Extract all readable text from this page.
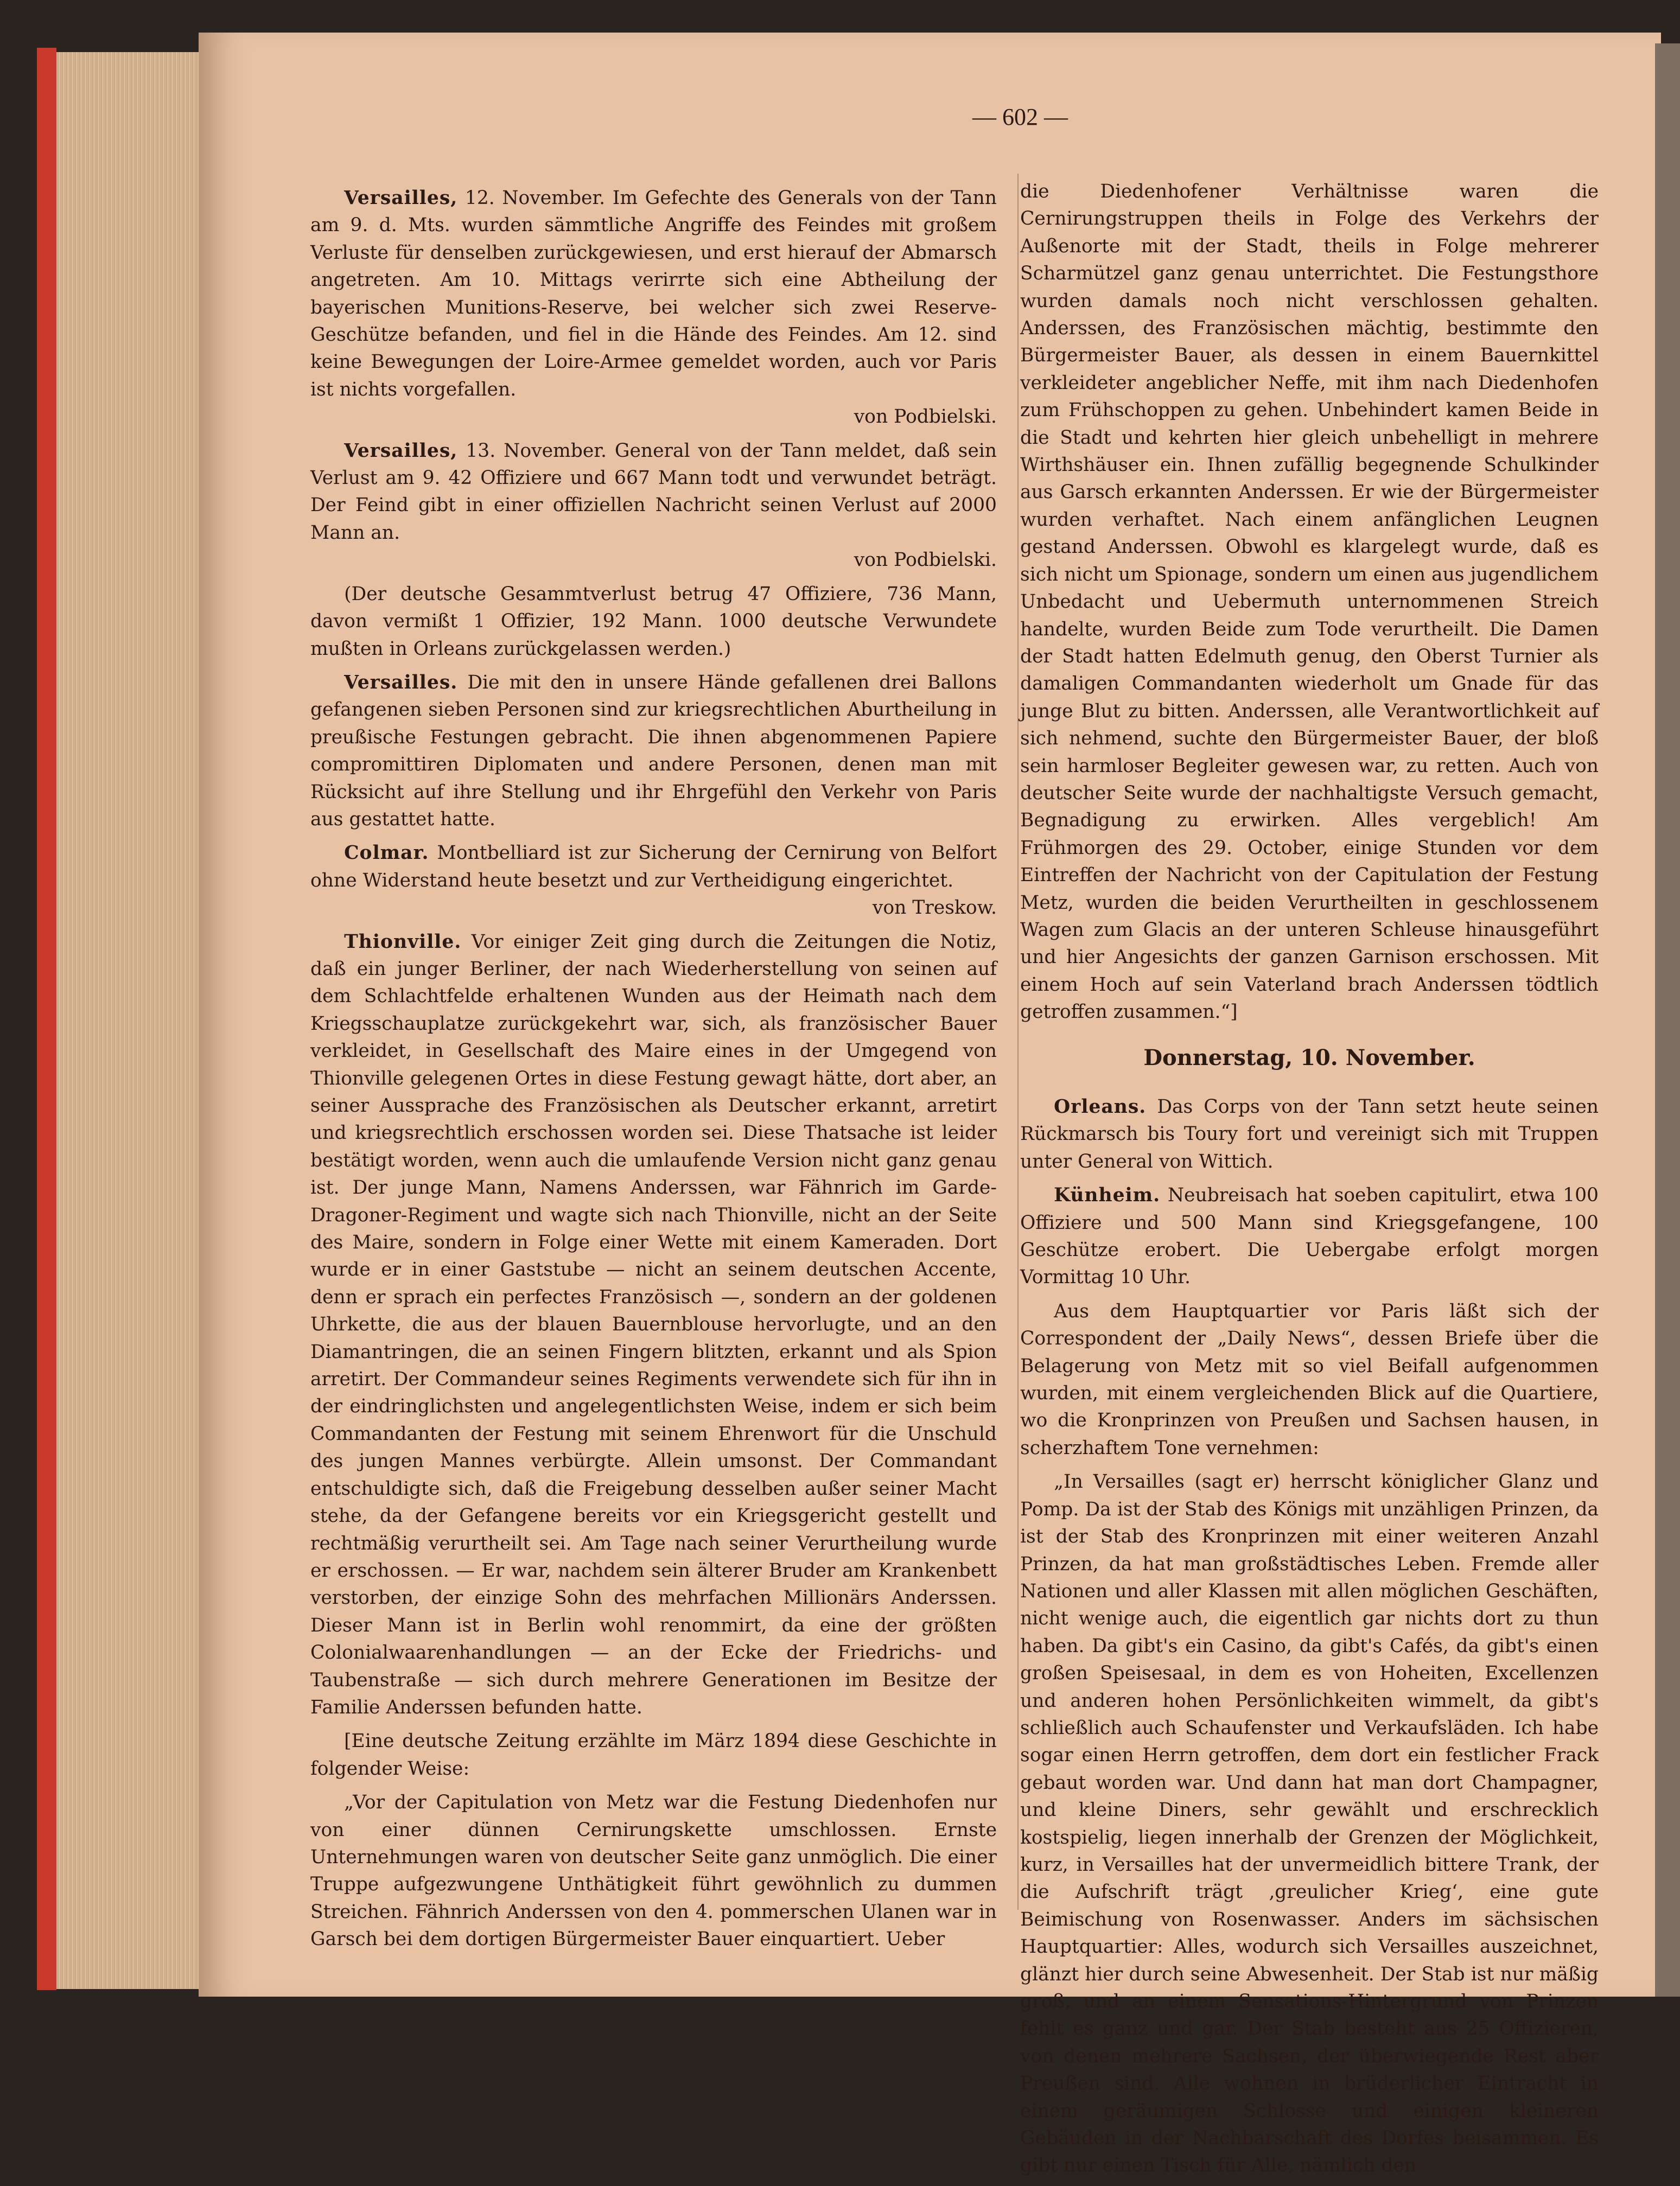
— 602 —

Versailles, 12. November. Im Gefechte des Generals von der Tann am 9. d. Mts. wurden sämmtliche Angriffe des Feindes mit großem Verluste für denselben zurückgewiesen, und erst hierauf der Abmarsch angetreten. Am 10. Mittags verirrte sich eine Abtheilung der bayerischen Munitions-Reserve, bei welcher sich zwei Reserve-Geschütze befanden, und fiel in die Hände des Feindes. Am 12. sind keine Bewegungen der Loire-Armee gemeldet worden, auch vor Paris ist nichts vorgefallen.
von Podbielski.

Versailles, 13. November. General von der Tann meldet, daß sein Verlust am 9. 42 Offiziere und 667 Mann todt und verwundet beträgt. Der Feind gibt in einer offiziellen Nachricht seinen Verlust auf 2000 Mann an.
von Podbielski.

(Der deutsche Gesammtverlust betrug 47 Offiziere, 736 Mann, davon vermißt 1 Offizier, 192 Mann. 1000 deutsche Verwundete mußten in Orleans zurückgelassen werden.)

Versailles. Die mit den in unsere Hände gefallenen drei Ballons gefangenen sieben Personen sind zur kriegsrechtlichen Aburtheilung in preußische Festungen gebracht. Die ihnen abgenommenen Papiere compromittiren Diplomaten und andere Personen, denen man mit Rücksicht auf ihre Stellung und ihr Ehrgefühl den Verkehr von Paris aus gestattet hatte.

Colmar. Montbelliard ist zur Sicherung der Cernirung von Belfort ohne Widerstand heute besetzt und zur Vertheidigung eingerichtet.
von Treskow.

Thionville. Vor einiger Zeit ging durch die Zeitungen die Notiz, daß ein junger Berliner, der nach Wiederherstellung von seinen auf dem Schlachtfelde erhaltenen Wunden aus der Heimath nach dem Kriegsschauplatze zurückgekehrt war, sich, als französischer Bauer verkleidet, in Gesellschaft des Maire eines in der Umgegend von Thionville gelegenen Ortes in diese Festung gewagt hätte, dort aber, an seiner Aussprache des Französischen als Deutscher erkannt, arretirt und kriegsrechtlich erschossen worden sei. Diese Thatsache ist leider bestätigt worden, wenn auch die umlaufende Version nicht ganz genau ist. Der junge Mann, Namens Anderssen, war Fähnrich im Garde-Dragoner-Regiment und wagte sich nach Thionville, nicht an der Seite des Maire, sondern in Folge einer Wette mit einem Kameraden. Dort wurde er in einer Gaststube — nicht an seinem deutschen Accente, denn er sprach ein perfectes Französisch —, sondern an der goldenen Uhrkette, die aus der blauen Bauernblouse hervorlugte, und an den Diamantringen, die an seinen Fingern blitzten, erkannt und als Spion arretirt. Der Commandeur seines Regiments verwendete sich für ihn in der eindringlichsten und angelegentlichsten Weise, indem er sich beim Commandanten der Festung mit seinem Ehrenwort für die Unschuld des jungen Mannes verbürgte. Allein umsonst. Der Commandant entschuldigte sich, daß die Freigebung desselben außer seiner Macht stehe, da der Gefangene bereits vor ein Kriegsgericht gestellt und rechtmäßig verurtheilt sei. Am Tage nach seiner Verurtheilung wurde er erschossen. — Er war, nachdem sein älterer Bruder am Krankenbett verstorben, der einzige Sohn des mehrfachen Millionärs Anderssen. Dieser Mann ist in Berlin wohl renommirt, da eine der größten Colonialwaarenhandlungen — an der Ecke der Friedrichs- und Taubenstraße — sich durch mehrere Generationen im Besitze der Familie Anderssen befunden hatte.

[Eine deutsche Zeitung erzählte im März 1894 diese Geschichte in folgender Weise:

„Vor der Capitulation von Metz war die Festung Diedenhofen nur von einer dünnen Cernirungskette umschlossen. Ernste Unternehmungen waren von deutscher Seite ganz unmöglich. Die einer Truppe aufgezwungene Unthätigkeit führt gewöhnlich zu dummen Streichen. Fähnrich Anderssen von den 4. pommerschen Ulanen war in Garsch bei dem dortigen Bürgermeister Bauer einquartiert. Ueber

die Diedenhofener Verhältnisse waren die Cernirungstruppen theils in Folge des Verkehrs der Außenorte mit der Stadt, theils in Folge mehrerer Scharmützel ganz genau unterrichtet. Die Festungsthore wurden damals noch nicht verschlossen gehalten. Anderssen, des Französischen mächtig, bestimmte den Bürgermeister Bauer, als dessen in einem Bauernkittel verkleideter angeblicher Neffe, mit ihm nach Diedenhofen zum Frühschoppen zu gehen. Unbehindert kamen Beide in die Stadt und kehrten hier gleich unbehelligt in mehrere Wirthshäuser ein. Ihnen zufällig begegnende Schulkinder aus Garsch erkannten Anderssen. Er wie der Bürgermeister wurden verhaftet. Nach einem anfänglichen Leugnen gestand Anderssen. Obwohl es klargelegt wurde, daß es sich nicht um Spionage, sondern um einen aus jugendlichem Unbedacht und Uebermuth unternommenen Streich handelte, wurden Beide zum Tode verurtheilt. Die Damen der Stadt hatten Edelmuth genug, den Oberst Turnier als damaligen Commandanten wiederholt um Gnade für das junge Blut zu bitten. Anderssen, alle Verantwortlichkeit auf sich nehmend, suchte den Bürgermeister Bauer, der bloß sein harmloser Begleiter gewesen war, zu retten. Auch von deutscher Seite wurde der nachhaltigste Versuch gemacht, Begnadigung zu erwirken. Alles vergeblich! Am Frühmorgen des 29. October, einige Stunden vor dem Eintreffen der Nachricht von der Capitulation der Festung Metz, wurden die beiden Verurtheilten in geschlossenem Wagen zum Glacis an der unteren Schleuse hinausgeführt und hier Angesichts der ganzen Garnison erschossen. Mit einem Hoch auf sein Vaterland brach Anderssen tödtlich getroffen zusammen.“]

Donnerstag, 10. November.

Orleans. Das Corps von der Tann setzt heute seinen Rückmarsch bis Toury fort und vereinigt sich mit Truppen unter General von Wittich.

Künheim. Neubreisach hat soeben capitulirt, etwa 100 Offiziere und 500 Mann sind Kriegsgefangene, 100 Geschütze erobert. Die Uebergabe erfolgt morgen Vormittag 10 Uhr.

Aus dem Hauptquartier vor Paris läßt sich der Correspondent der „Daily News“, dessen Briefe über die Belagerung von Metz mit so viel Beifall aufgenommen wurden, mit einem vergleichenden Blick auf die Quartiere, wo die Kronprinzen von Preußen und Sachsen hausen, in scherzhaftem Tone vernehmen:

„In Versailles (sagt er) herrscht königlicher Glanz und Pomp. Da ist der Stab des Königs mit unzähligen Prinzen, da ist der Stab des Kronprinzen mit einer weiteren Anzahl Prinzen, da hat man großstädtisches Leben. Fremde aller Nationen und aller Klassen mit allen möglichen Geschäften, nicht wenige auch, die eigentlich gar nichts dort zu thun haben. Da gibt's ein Casino, da gibt's Cafés, da gibt's einen großen Speisesaal, in dem es von Hoheiten, Excellenzen und anderen hohen Persönlichkeiten wimmelt, da gibt's schließlich auch Schaufenster und Verkaufsläden. Ich habe sogar einen Herrn getroffen, dem dort ein festlicher Frack gebaut worden war. Und dann hat man dort Champagner, und kleine Diners, sehr gewählt und erschrecklich kostspielig, liegen innerhalb der Grenzen der Möglichkeit, kurz, in Versailles hat der unvermeidlich bittere Trank, der die Aufschrift trägt ‚greulicher Krieg‘, eine gute Beimischung von Rosenwasser. Anders im sächsischen Hauptquartier: Alles, wodurch sich Versailles auszeichnet, glänzt hier durch seine Abwesenheit. Der Stab ist nur mäßig groß, und an einem Sensations-Hintergrund von Prinzen fehlt es ganz und gar. Der Stab besteht aus 25 Offizieren, von denen mehrere Sachsen, der überwiegende Rest aber Preußen sind. Alle wohnen in brüderlicher Eintracht in einem geräumigen Schlosse und einigen kleineren Gebäuden in der Nachbarschaft des Dorfes beisammen. Es gibt nur einen Tisch für Alle, nämlich den
